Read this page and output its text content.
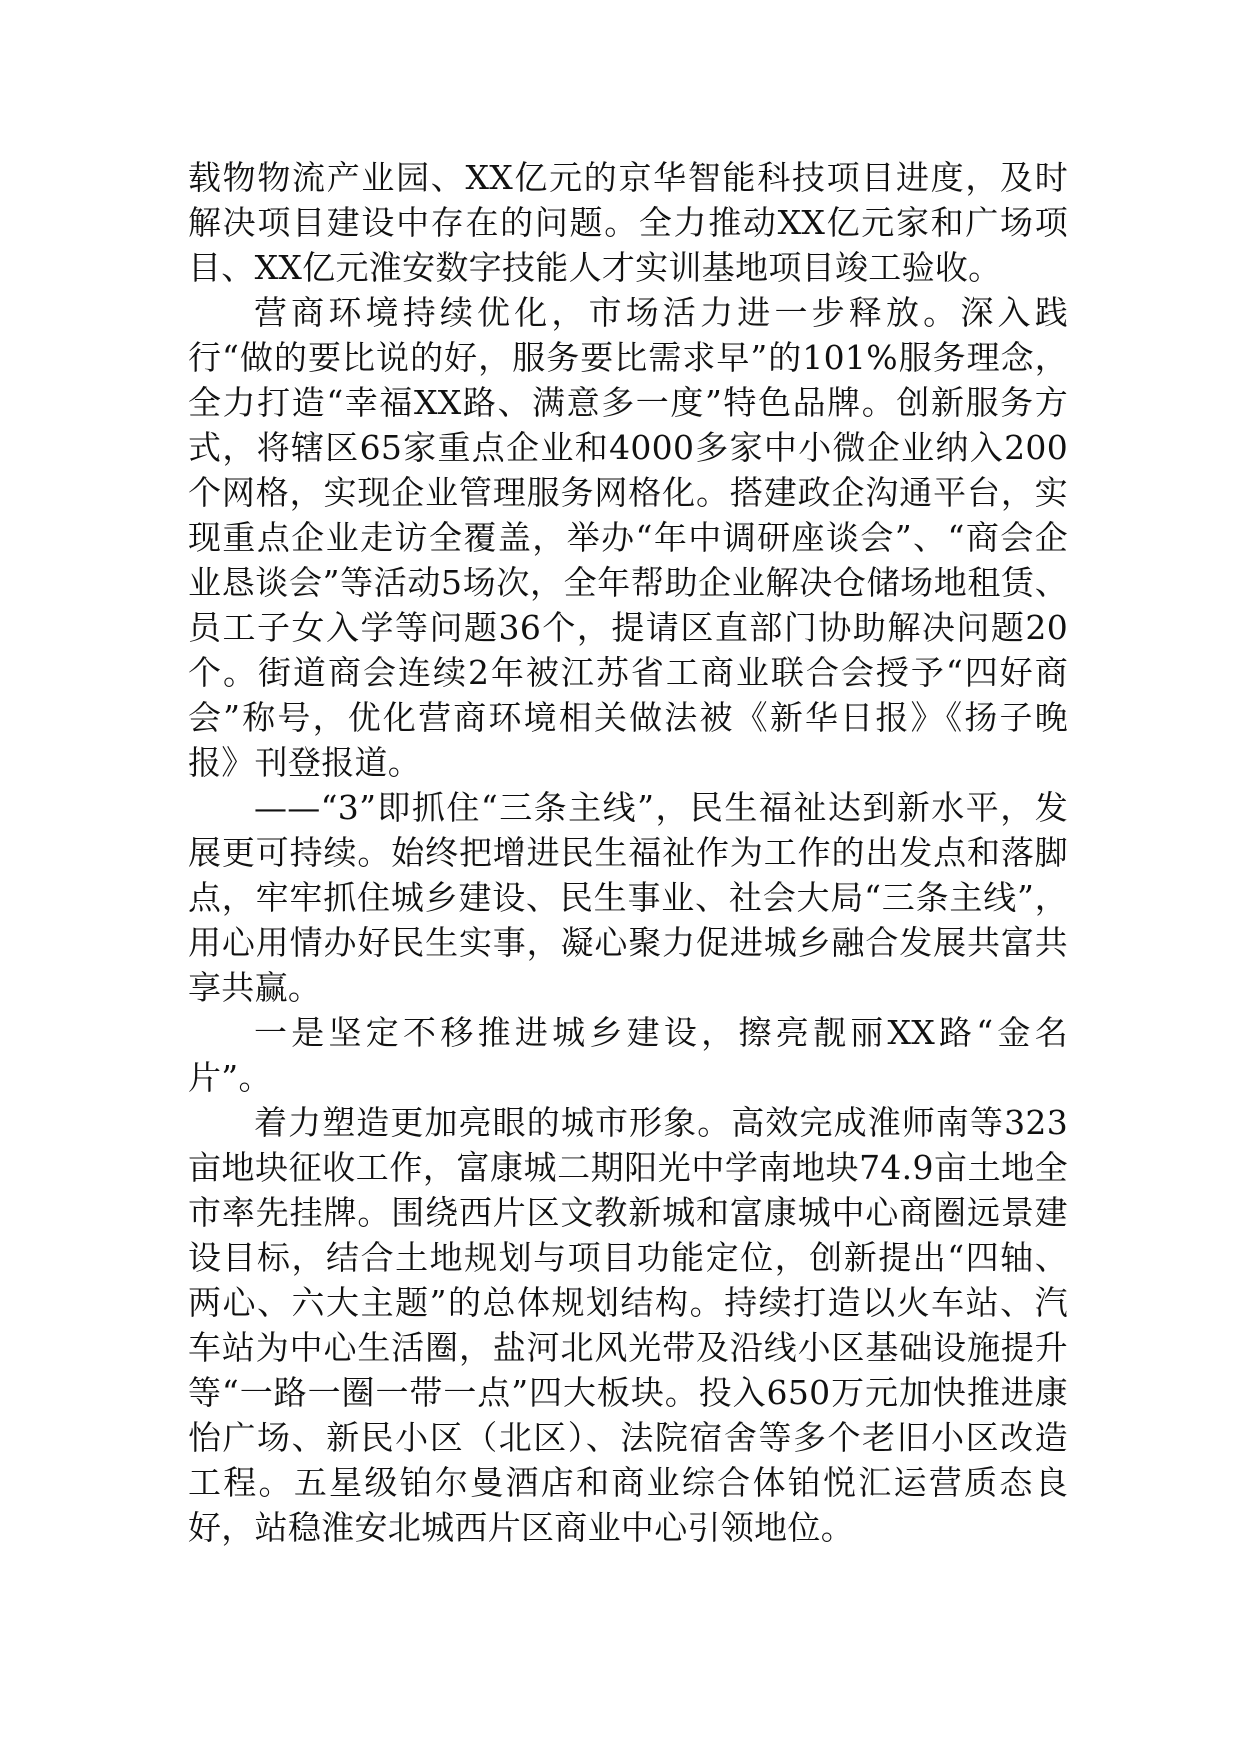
载物物流产业园、XX亿元的京华智能科技项目进度，及时解决项目建设中存在的问题。全力推动XX亿元家和广场项目、XX亿元淮安数字技能人才实训基地项目竣工验收。

营商环境持续优化，市场活力进一步释放。深入践行“做的要比说的好，服务要比需求早”的101%服务理念，全力打造“幸福XX路、满意多一度”特色品牌。创新服务方式，将辖区65家重点企业和4000多家中小微企业纳入200个网格，实现企业管理服务网格化。搭建政企沟通平台，实现重点企业走访全覆盖，举办“年中调研座谈会”、“商会企业恳谈会”等活动5场次，全年帮助企业解决仓储场地租赁、员工子女入学等问题36个，提请区直部门协助解决问题20个。街道商会连续2年被江苏省工商业联合会授予“四好商会”称号，优化营商环境相关做法被《新华日报》《扬子晚报》刊登报道。

——“3”即抓住“三条主线”，民生福祉达到新水平，发展更可持续。始终把增进民生福祉作为工作的出发点和落脚点，牢牢抓住城乡建设、民生事业、社会大局“三条主线”，用心用情办好民生实事，凝心聚力促进城乡融合发展共富共享共赢。

一是坚定不移推进城乡建设，擦亮靓丽XX路“金名片”。

着力塑造更加亮眼的城市形象。高效完成淮师南等323亩地块征收工作，富康城二期阳光中学南地块74.9亩土地全市率先挂牌。围绕西片区文教新城和富康城中心商圈远景建设目标，结合土地规划与项目功能定位，创新提出“四轴、两心、六大主题”的总体规划结构。持续打造以火车站、汽车站为中心生活圈，盐河北风光带及沿线小区基础设施提升等“一路一圈一带一点”四大板块。投入650万元加快推进康怡广场、新民小区（北区）、法院宿舍等多个老旧小区改造工程。五星级铂尔曼酒店和商业综合体铂悦汇运营质态良好，站稳淮安北城西片区商业中心引领地位。
